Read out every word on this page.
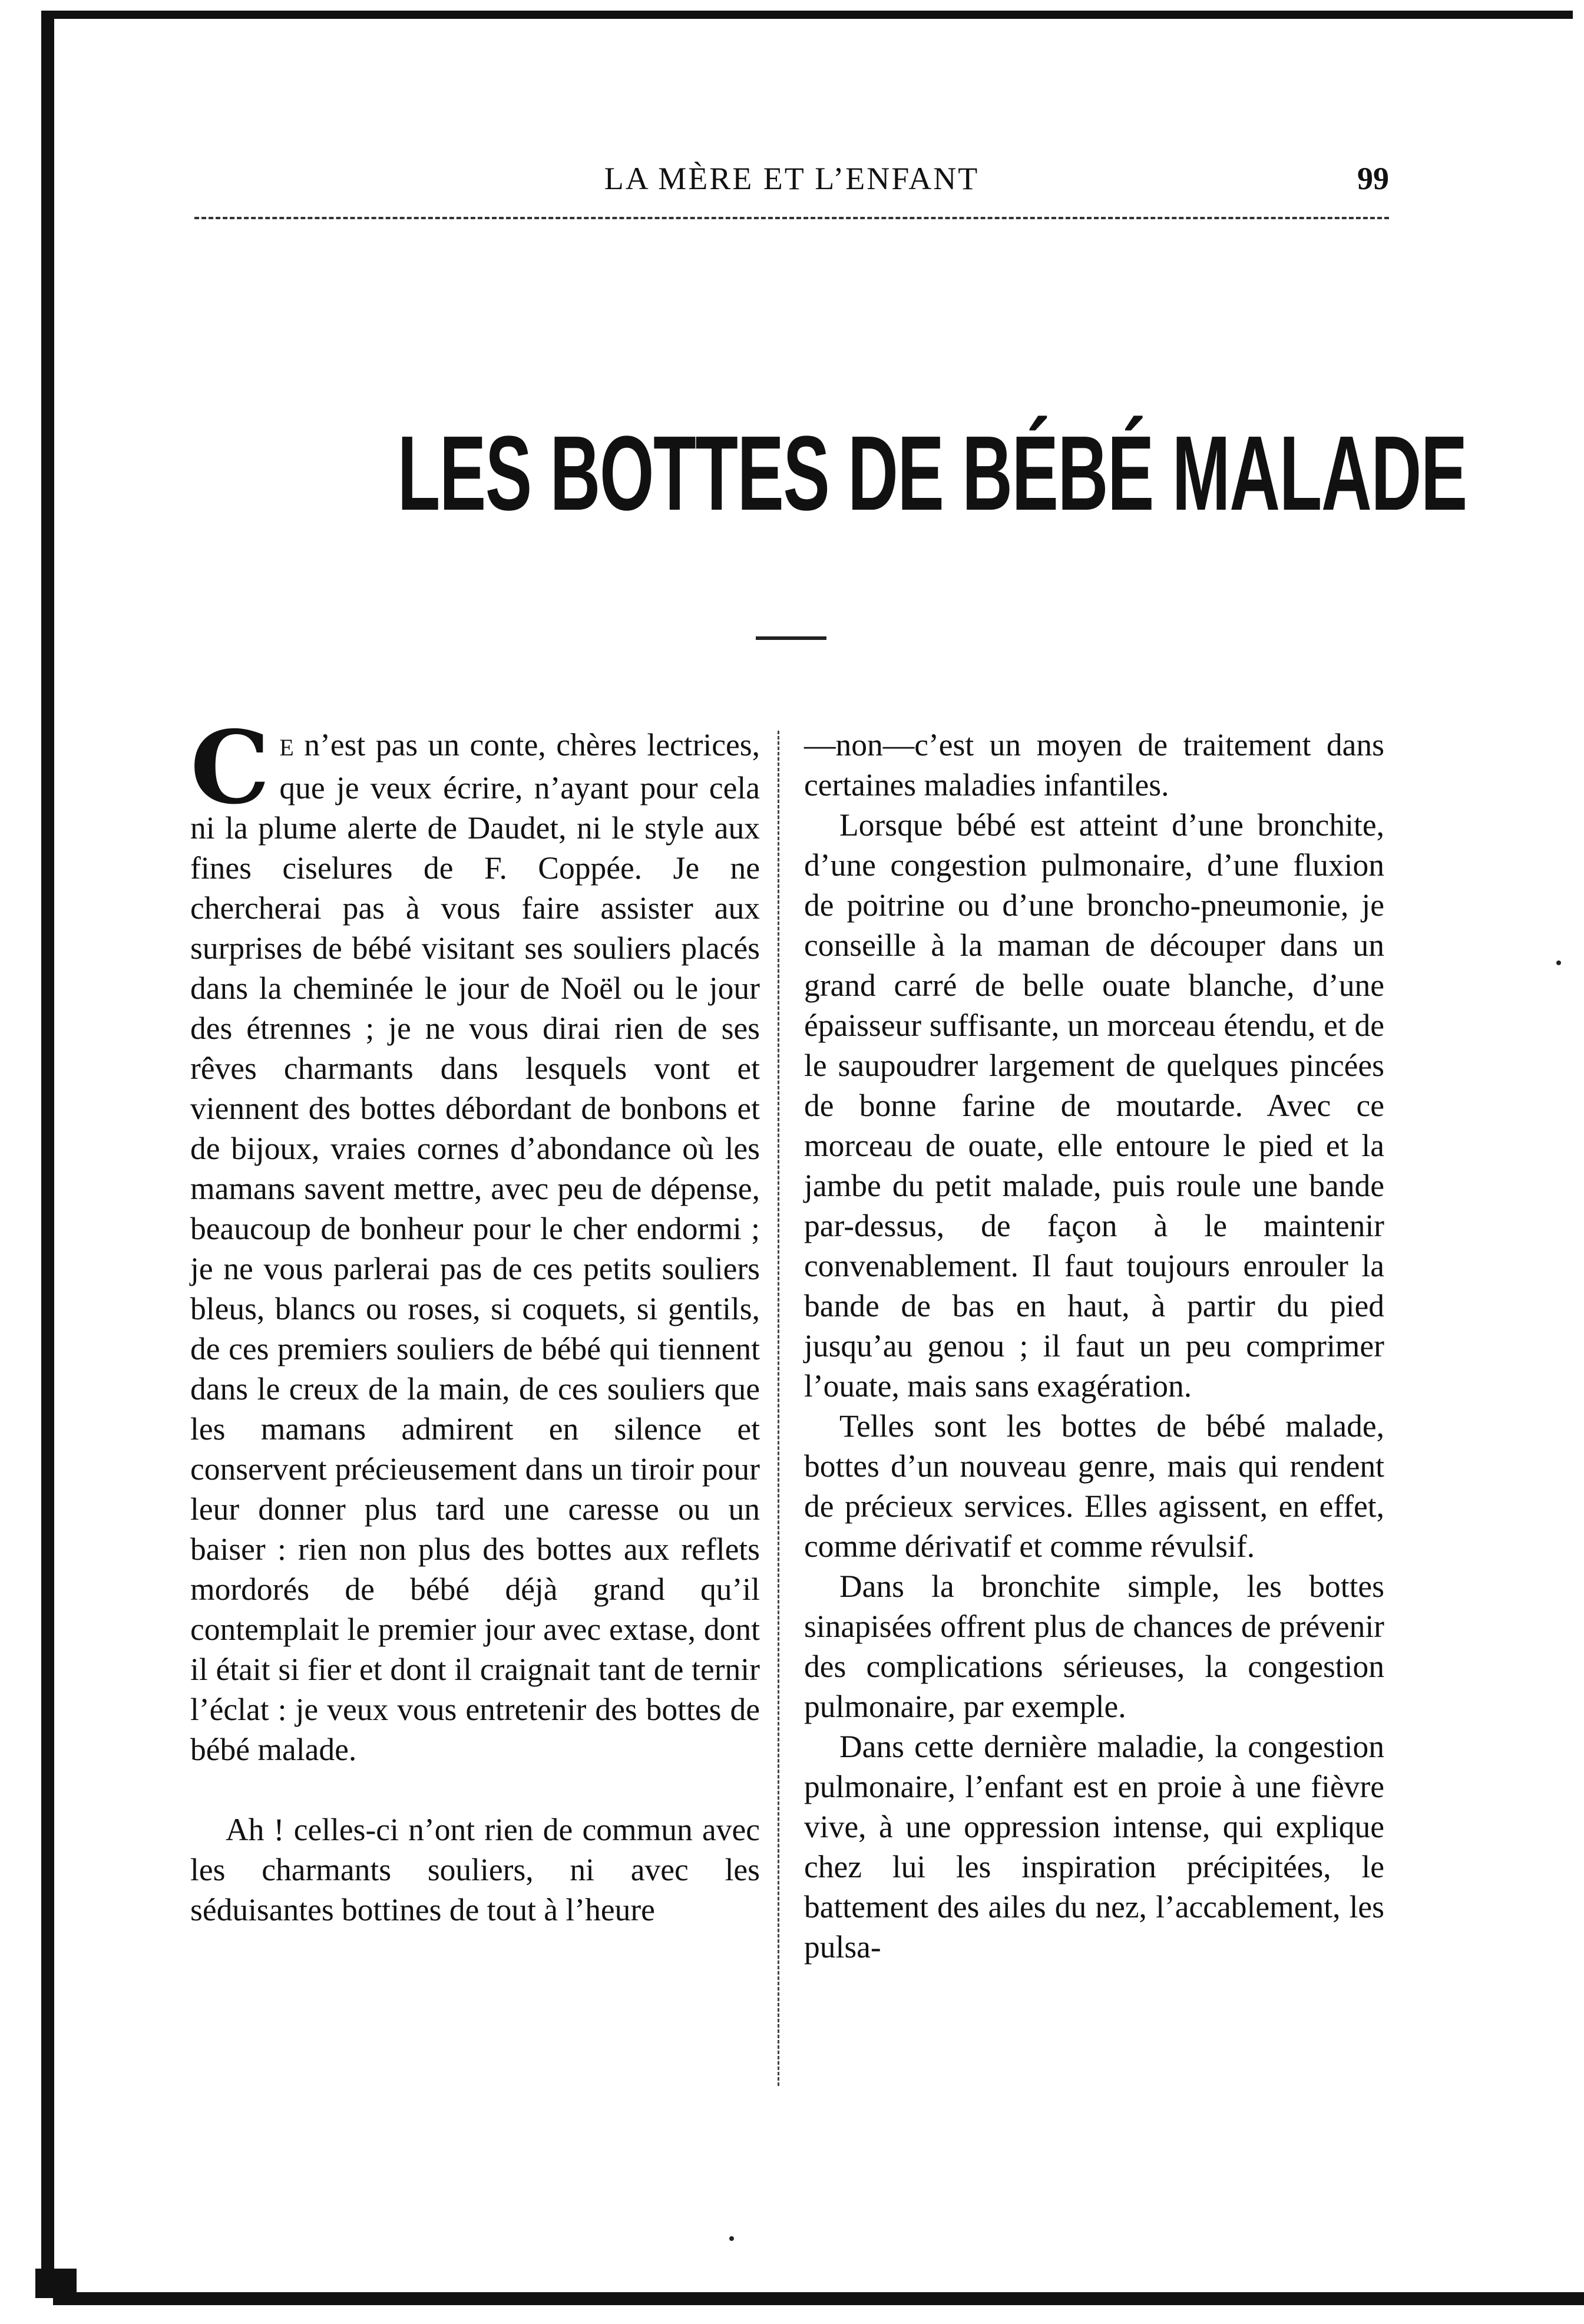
LA MÈRE ET L’ENFANT	99
LES BOTTES DE BÉBÉ MALADE

C E n’est pas un conte, chères lectrices, que je veux écrire, n’ayant pour cela ni la plume alerte de Daudet, ni le style aux fines ciselures de F. Coppée. Je ne chercherai pas à vous faire assister aux surprises de bébé visitant ses souliers placés dans la cheminée le jour de Noël ou le jour des étrennes ; je ne vous dirai rien de ses rêves charmants dans lesquels vont et viennent des bottes débordant de bonbons et de bijoux, vraies cornes d’abondance où les mamans savent mettre, avec peu de dépense, beaucoup de bonheur pour le cher endormi ; je ne vous parlerai pas de ces petits souliers bleus, blancs ou roses, si coquets, si gentils, de ces premiers souliers de bébé qui tiennent dans le creux de la main, de ces souliers que les mamans admirent en silence et conservent précieusement dans un tiroir pour leur donner plus tard une caresse ou un baiser : rien non plus des bottes aux reflets mordorés de bébé déjà grand qu’il contemplait le premier jour avec extase, dont il était si fier et dont il craignait tant de ternir l’éclat : je veux vous entretenir des bottes de bébé malade.

Ah ! celles-ci n’ont rien de commun avec les charmants souliers, ni avec les séduisantes bottines de tout à l’heure

—non—c’est un moyen de traitement dans certaines maladies infantiles.

Lorsque bébé est atteint d’une bronchite, d’une congestion pulmonaire, d’une fluxion de poitrine ou d’une broncho-pneumonie, je conseille à la maman de découper dans un grand carré de belle ouate blanche, d’une épaisseur suffisante, un morceau étendu, et de le saupoudrer largement de quelques pincées de bonne farine de moutarde. Avec ce morceau de ouate, elle entoure le pied et la jambe du petit malade, puis roule une bande par-dessus, de façon à le maintenir convenablement. Il faut toujours enrouler la bande de bas en haut, à partir du pied jusqu’au genou ; il faut un peu comprimer l’ouate, mais sans exagération.

Telles sont les bottes de bébé malade, bottes d’un nouveau genre, mais qui rendent de précieux services. Elles agissent, en effet, comme dérivatif et comme révulsif.

Dans la bronchite simple, les bottes sinapisées offrent plus de chances de prévenir des complications sérieuses, la congestion pulmonaire, par exemple.

Dans cette dernière maladie, la congestion pulmonaire, l’enfant est en proie à une fièvre vive, à une oppression intense, qui explique chez lui les inspiration précipitées, le battement des ailes du nez, l’accablement, les pulsa-
